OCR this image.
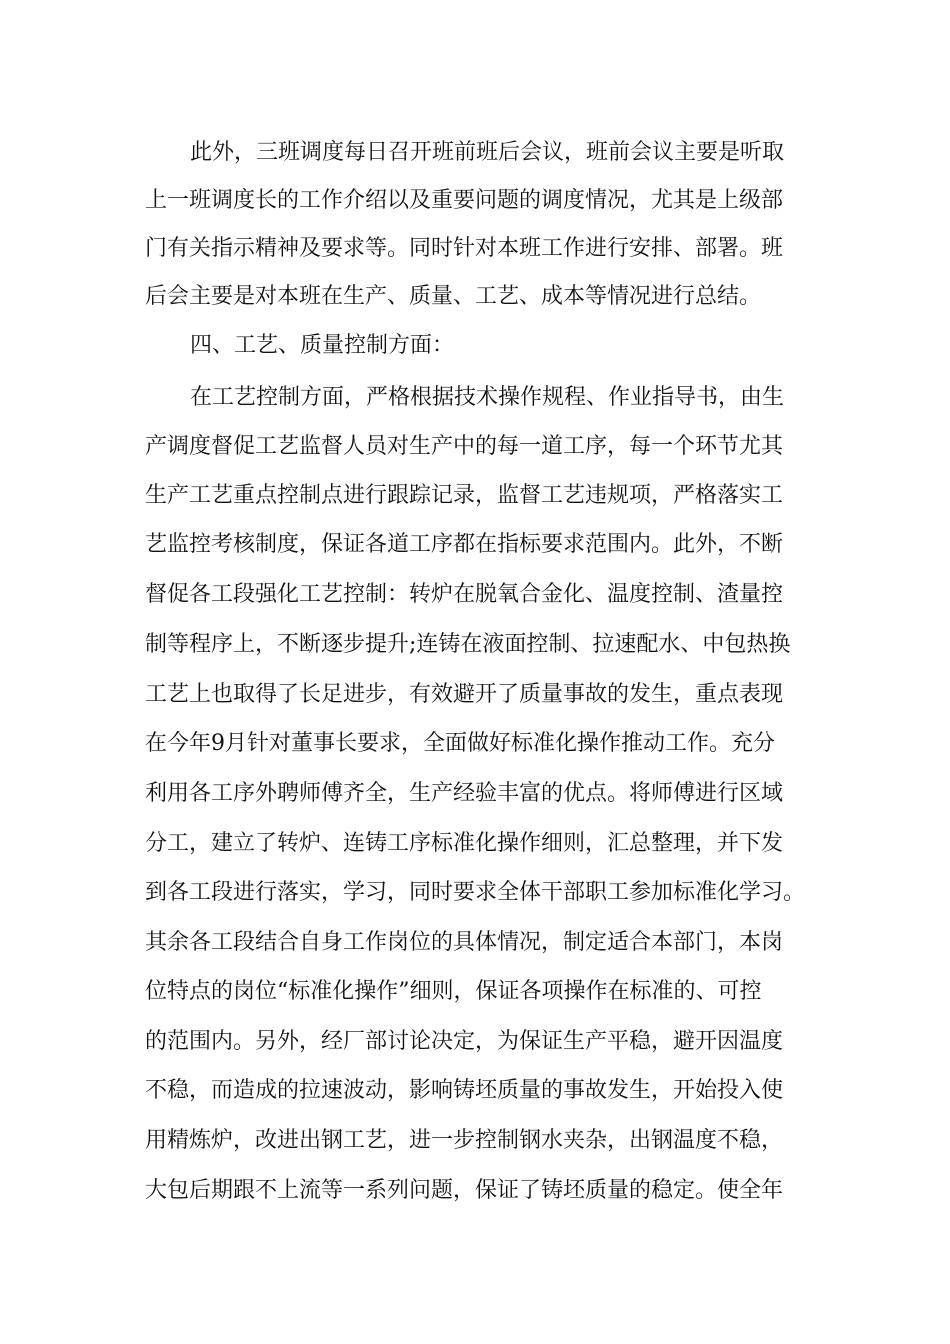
此外，三班调度每日召开班前班后会议，班前会议主要是听取
上一班调度长的工作介绍以及重要问题的调度情况，尤其是上级部
门有关指示精神及要求等。同时针对本班工作进行安排、部署。班
后会主要是对本班在生产、质量、工艺、成本等情况进行总结。
四、工艺、质量控制方面：
在工艺控制方面，严格根据技术操作规程、作业指导书，由生
产调度督促工艺监督人员对生产中的每一道工序，每一个环节尤其
生产工艺重点控制点进行跟踪记录，监督工艺违规项，严格落实工
艺监控考核制度，保证各道工序都在指标要求范围内。此外，不断
督促各工段强化工艺控制：转炉在脱氧合金化、温度控制、渣量控
制等程序上，不断逐步提升;连铸在液面控制、拉速配水、中包热换
工艺上也取得了长足进步，有效避开了质量事故的发生，重点表现
在今年9月针对董事长要求，全面做好标准化操作推动工作。充分
利用各工序外聘师傅齐全，生产经验丰富的优点。将师傅进行区域
分工，建立了转炉、连铸工序标准化操作细则，汇总整理，并下发
到各工段进行落实，学习，同时要求全体干部职工参加标准化学习。
其余各工段结合自身工作岗位的具体情况，制定适合本部门，本岗
位特点的岗位“标准化操作”细则，保证各项操作在标准的、可控
的范围内。另外，经厂部讨论决定，为保证生产平稳，避开因温度
不稳，而造成的拉速波动，影响铸坯质量的事故发生，开始投入使
用精炼炉，改进出钢工艺，进一步控制钢水夹杂，出钢温度不稳，
大包后期跟不上流等一系列问题，保证了铸坯质量的稳定。使全年
